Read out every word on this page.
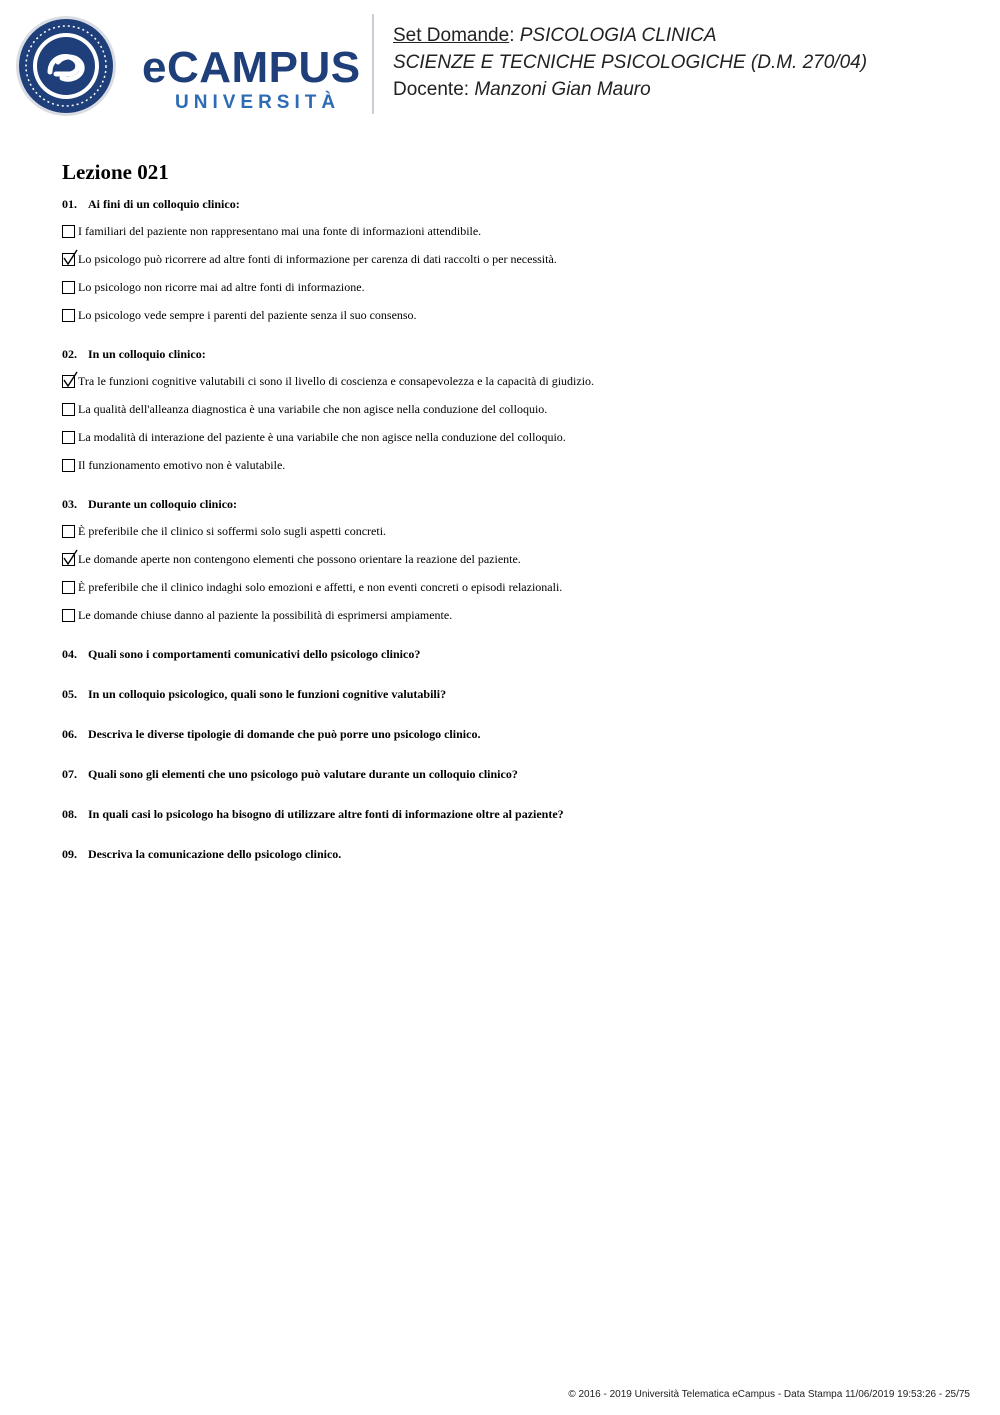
eCAMPUS
UNIVERSITÀ
Set Domande: PSICOLOGIA CLINICA
SCIENZE E TECNICHE PSICOLOGICHE (D.M. 270/04)
Docente: Manzoni Gian Mauro
Lezione 021
01. Ai fini di un colloquio clinico:
I familiari del paziente non rappresentano mai una fonte di informazioni attendibile.
Lo psicologo può ricorrere ad altre fonti di informazione per carenza di dati raccolti o per necessità.
Lo psicologo non ricorre mai ad altre fonti di informazione.
Lo psicologo vede sempre i parenti del paziente senza il suo consenso.
02. In un colloquio clinico:
Tra le funzioni cognitive valutabili ci sono il livello di coscienza e consapevolezza e la capacità di giudizio.
La qualità dell'alleanza diagnostica è una variabile che non agisce nella conduzione del colloquio.
La modalità di interazione del paziente è una variabile che non agisce nella conduzione del colloquio.
Il funzionamento emotivo non è valutabile.
03. Durante un colloquio clinico:
È preferibile che il clinico si soffermi solo sugli aspetti concreti.
Le domande aperte non contengono elementi che possono orientare la reazione del paziente.
È preferibile che il clinico indaghi solo emozioni e affetti, e non eventi concreti o episodi relazionali.
Le domande chiuse danno al paziente la possibilità di esprimersi ampiamente.
04. Quali sono i comportamenti comunicativi dello psicologo clinico?
05. In un colloquio psicologico, quali sono le funzioni cognitive valutabili?
06. Descriva le diverse tipologie di domande che può porre uno psicologo clinico.
07. Quali sono gli elementi che uno psicologo può valutare durante un colloquio clinico?
08. In quali casi lo psicologo ha bisogno di utilizzare altre fonti di informazione oltre al paziente?
09. Descriva la comunicazione dello psicologo clinico.
© 2016 - 2019 Università Telematica eCampus - Data Stampa 11/06/2019 19:53:26 - 25/75
